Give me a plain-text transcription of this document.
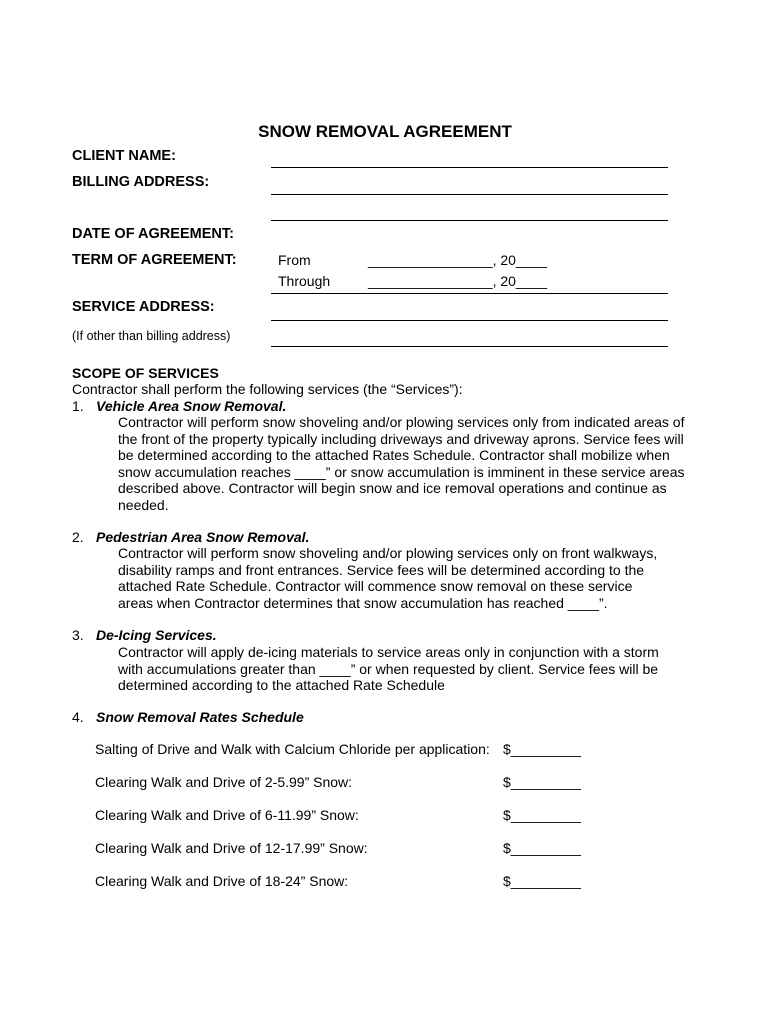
SNOW REMOVAL AGREEMENT
CLIENT NAME:
BILLING ADDRESS:
DATE OF AGREEMENT:
TERM OF AGREEMENT:	From	________________, 20____
Through	________________, 20____
SERVICE ADDRESS:
(If other than billing address)
SCOPE OF SERVICES
Contractor shall perform the following services (the “Services”):
1. Vehicle Area Snow Removal.
Contractor will perform snow shoveling and/or plowing services only from indicated areas of
the front of the property typically including driveways and driveway aprons. Service fees will
be determined according to the attached Rates Schedule. Contractor shall mobilize when
snow accumulation reaches ____” or snow accumulation is imminent in these service areas
described above. Contractor will begin snow and ice removal operations and continue as
needed.
2. Pedestrian Area Snow Removal.
Contractor will perform snow shoveling and/or plowing services only on front walkways,
disability ramps and front entrances. Service fees will be determined according to the
attached Rate Schedule. Contractor will commence snow removal on these service
areas when Contractor determines that snow accumulation has reached ____”.
3. De-Icing Services.
Contractor will apply de-icing materials to service areas only in conjunction with a storm
with accumulations greater than ____” or when requested by client. Service fees will be
determined according to the attached Rate Schedule
4. Snow Removal Rates Schedule
Salting of Drive and Walk with Calcium Chloride per application: $_________
Clearing Walk and Drive of 2-5.99” Snow:	$_________
Clearing Walk and Drive of 6-11.99” Snow:	$_________
Clearing Walk and Drive of 12-17.99” Snow:	$_________
Clearing Walk and Drive of 18-24” Snow:	$_________
